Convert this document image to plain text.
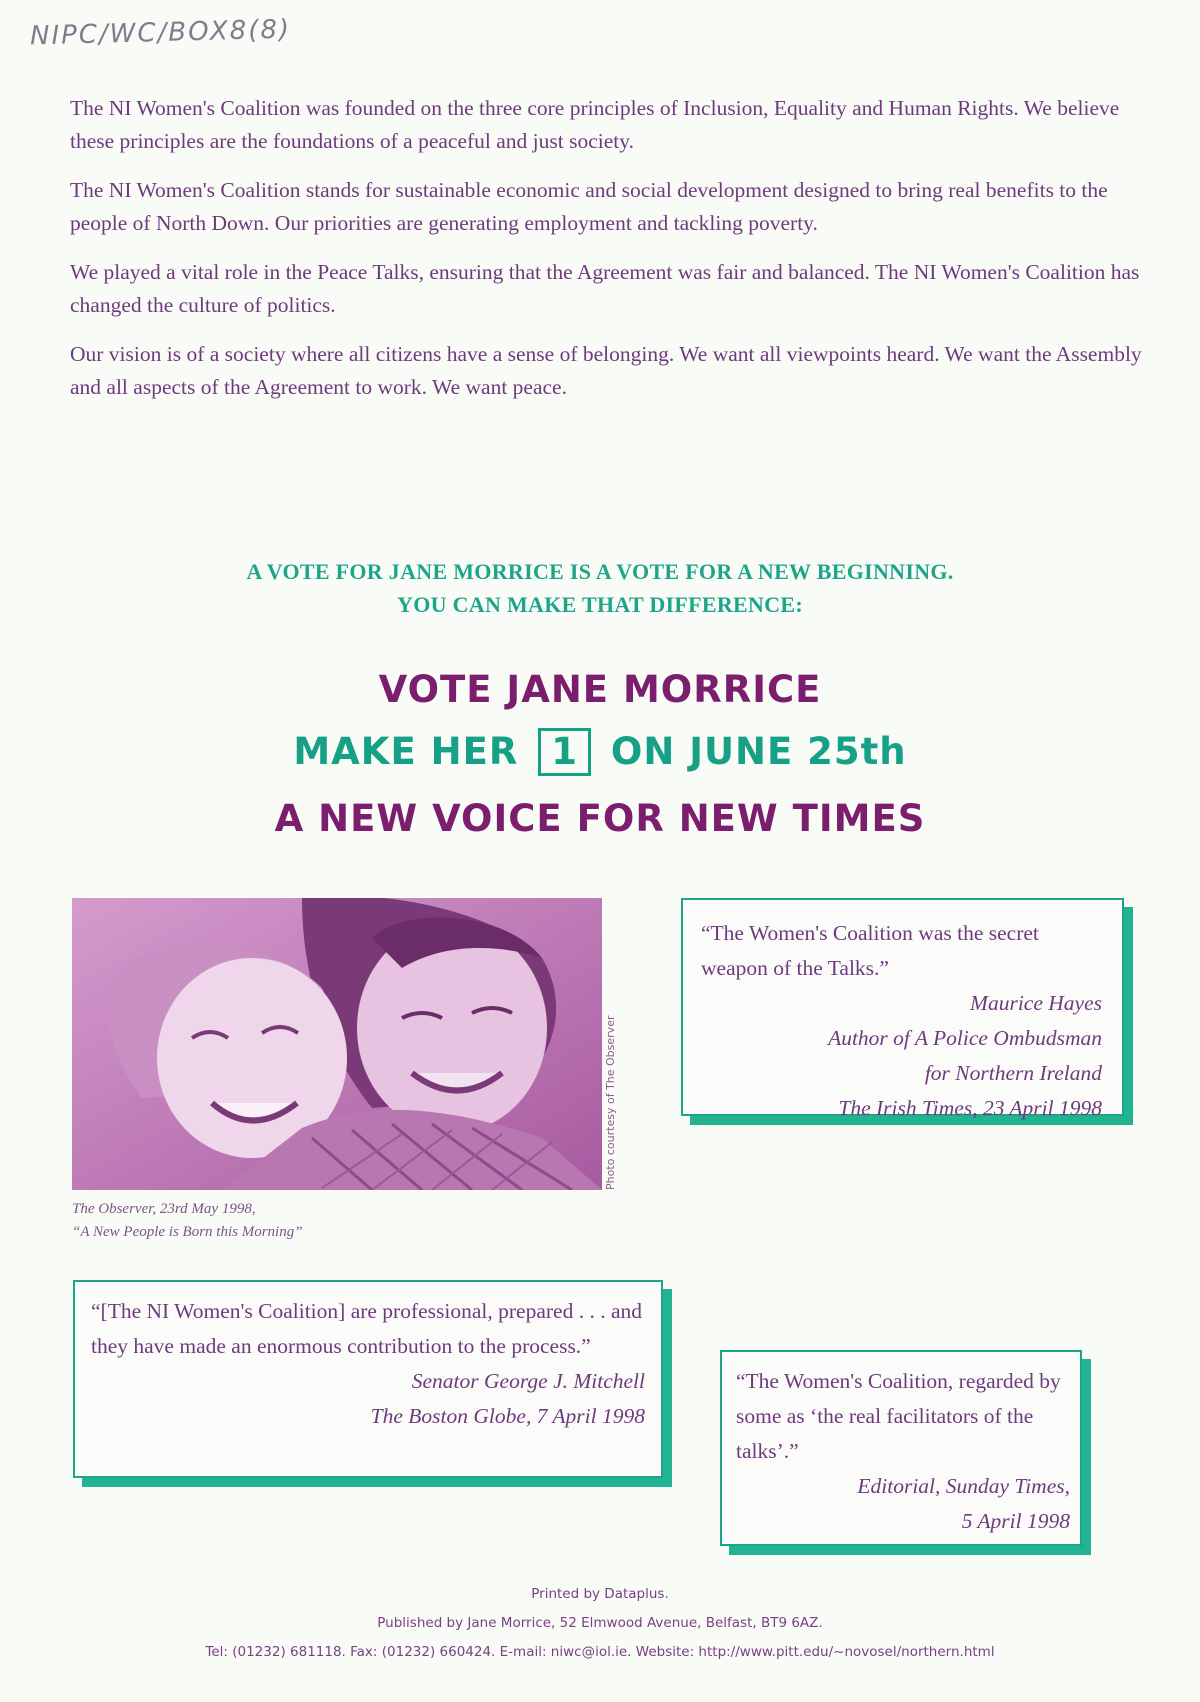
NIPC/WC/BOX8(8)

The NI Women's Coalition was founded on the three core principles of Inclusion, Equality and Human Rights. We believe these principles are the foundations of a peaceful and just society.

The NI Women's Coalition stands for sustainable economic and social development designed to bring real benefits to the people of North Down. Our priorities are generating employment and tackling poverty.

We played a vital role in the Peace Talks, ensuring that the Agreement was fair and balanced. The NI Women's Coalition has changed the culture of politics.

Our vision is of a society where all citizens have a sense of belonging. We want all viewpoints heard. We want the Assembly and all aspects of the Agreement to work. We want peace.

A VOTE FOR JANE MORRICE IS A VOTE FOR A NEW BEGINNING.
YOU CAN MAKE THAT DIFFERENCE:
VOTE JANE MORRICE
MAKE HER 1 ON JUNE 25th
A NEW VOICE FOR NEW TIMES
Photo courtesy of The Observer
The Observer, 23rd May 1998,
“A New People is Born this Morning”
“The Women's Coalition was the secret weapon of the Talks.”
Maurice Hayes
Author of A Police Ombudsman
for Northern Ireland
The Irish Times, 23 April 1998
“[The NI Women's Coalition] are professional, prepared . . . and they have made an enormous contribution to the process.”
Senator George J. Mitchell
The Boston Globe, 7 April 1998
“The Women's Coalition, regarded by some as ‘the real facilitators of the talks’.”
Editorial, Sunday Times,
5 April 1998
Printed by Dataplus.
Published by Jane Morrice, 52 Elmwood Avenue, Belfast, BT9 6AZ.
Tel: (01232) 681118. Fax: (01232) 660424. E-mail: niwc@iol.ie. Website: http://www.pitt.edu/~novosel/northern.html
